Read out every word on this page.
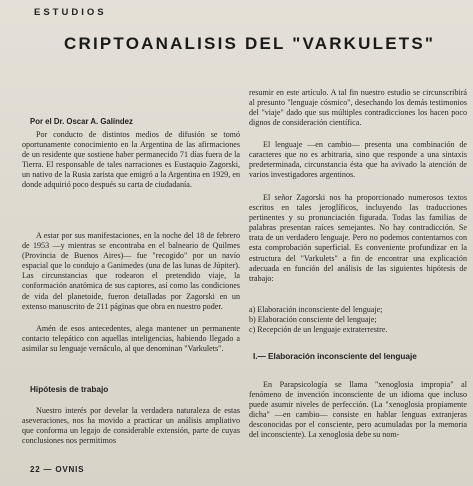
ESTUDIOS
CRIPTOANALISIS DEL "VARKULETS"
Por el Dr. Oscar A. Galíndez

Por conducto de distintos medios de difusión se tomó oportunamente conocimiento en la Argentina de las afirmaciones de un residente que sostiene haber permanecido 71 días fuera de la Tierra. El responsable de tales narraciones es Eustaquio Zagorski, un nativo de la Rusia zarista que emigró a la Argentina en 1929, en donde adquirió poco después su carta de ciudadanía.

A estar por sus manifestaciones, en la noche del 18 de febrero de 1953 —y mientras se encontraba en el balneario de Quilmes (Provincia de Buenos Aires)— fue "recogido" por un navío espacial que lo condujo a Ganimedes (una de las lunas de Júpiter). Las circunstancias que rodearon el pretendido viaje, la conformación anatómica de sus captores, así como las condiciones de vida del planetoide, fueron detalladas por Zagorski en un extenso manuscrito de 211 páginas que obra en nuestro poder.

Amén de esos antecedentes, alega mantener un permanente contacto telepático con aquellas inteligencias, habiendo llegado a asimilar su lenguaje vernáculo, al que denominan "Varkulets".

Nuestro interés por develar la verdadera naturaleza de estas aseveraciones, nos ha movido a practicar un análisis ampliativo que conforma un legajo de considerable extensión, parte de cuyas conclusiones nos permitimos

Hipótesis de trabajo

resumir en este artículo. A tal fin nuestro estudio se circunscribirá al presunto "lenguaje cósmico", desechando los demás testimonios del "viaje" dado que sus múltiples contradicciones los hacen poco dignos de consideración científica.

El lenguaje —en cambio— presenta una combinación de caracteres que no es arbitraria, sino que responde a una sintaxis predeterminada, circunstancia ésta que ha avivado la atención de varios investigadores argentinos.

El señor Zagorski nos ha proporcionado numerosos textos escritos en tales jeroglíficos, incluyendo las traducciones pertinentes y su pronunciación figurada. Todas las familias de palabras presentan raíces semejantes. No hay contradicción. Se trata de un verdadero lenguaje. Pero no podemos contentarnos con esta comprobación superficial. Es conveniente profundizar en la estructura del "Varkulets" a fin de encontrar una explicación adecuada en función del análisis de las siguientes hipótesis de trabajo:

a) Elaboración inconsciente del lenguaje;

b) Elaboración consciente del lenguaje;

c) Recepción de un lenguaje extraterrestre.

En Parapsicología se llama "xenoglosia impropia" al fenómeno de invención inconsciente de un idioma que incluso puede asumir niveles de perfección. (La "xenoglosia propiamente dicha" —en cambio— consiste en hablar lenguas extranjeras desconocidas por el consciente, pero acumuladas por la memoria del inconsciente). La xenoglosia debe su nom-

I.— Elaboración inconsciente del lenguaje
22 — OVNIS
